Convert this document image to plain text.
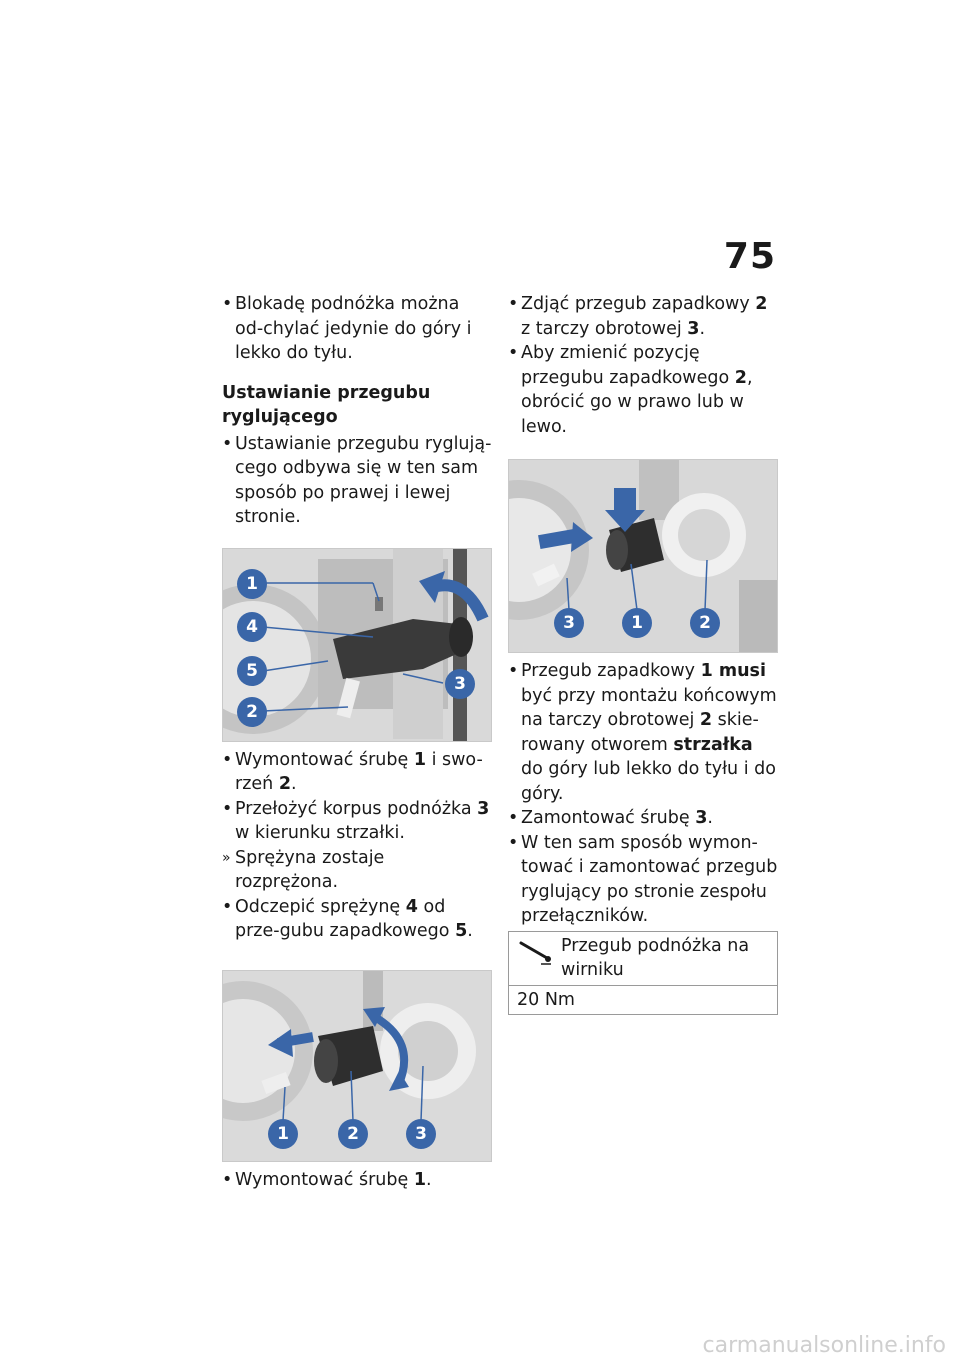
75

• Blokadę podnóżka można od-chylać jedynie do góry i lekko do tyłu.

Ustawianie przegubu ryglującego

• Ustawianie przegubu ryglują-cego odbywa się w ten sam sposób po prawej i lewej stronie.

1
4
5
2
3

• Wymontować śrubę 1 i swo-rzeń 2.

• Przełożyć korpus podnóżka 3 w kierunku strzałki.

» Sprężyna zostaje rozprężona.

• Odczepić sprężynę 4 od prze-gubu zapadkowego 5.

1	2	3

• Wymontować śrubę 1.

• Zdjąć przegub zapadkowy 2 z tarczy obrotowej 3.

• Aby zmienić pozycję przegubu zapadkowego 2, obrócić go w prawo lub w lewo.

3	1	2

• Przegub zapadkowy 1 musi być przy montażu końcowym na tarczy obrotowej 2 skie-rowany otworem strzałka do góry lub lekko do tyłu i do góry.

• Zamontować śrubę 3.

• W ten sam sposób wymon-tować i zamontować przegub ryglujący po stronie zespołu przełączników.

Przegub podnóżka na wirniku

20 Nm
carmanualsonline.info
